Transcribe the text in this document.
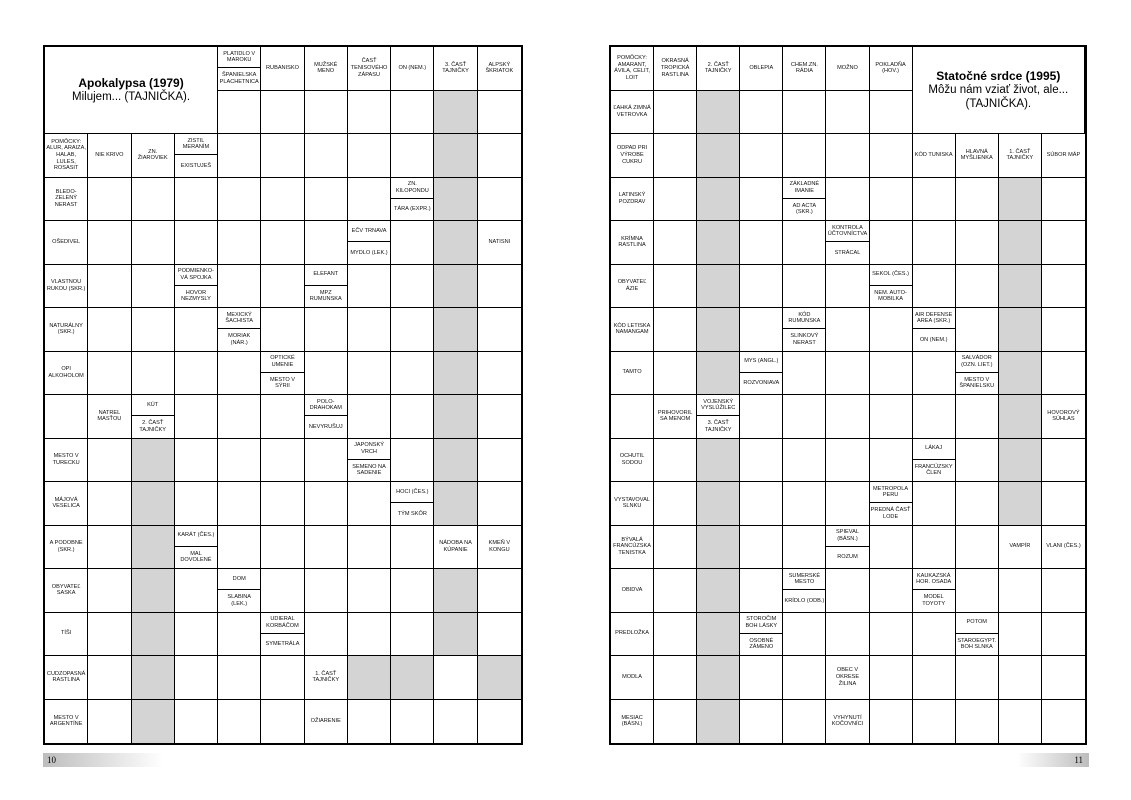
Apokalypsa (1979)
Milujem... (TAJNIČKA).
PLATIDLO V MAROKU
ŠPANIELSKA PLACHETNICA
RUBANISKO
MUŽSKÉ MENO
ČASŤ TENISOVÉHO ZÁPASU
ON (NEM.)
3. ČASŤ TAJNIČKY
ALPSKÝ ŠKRIATOK
POMÔCKY: ALUR, ARAIZA, HALAB, LULES, ROSASIT
NIE KRIVO
ZN. ŽIAROVIEK
ZISTIL MERANÍM
EXISTUJEŠ
BLEDO-ZELENÝ NERAST
ZN. KILOPONDU
TÁRA (EXPR.)
OŠEDIVEL
EČV TRNAVA
MYDLO (LEK.)
NATISNI
VLASTNOU RUKOU (SKR.)
PODMIENKO-VÁ SPOJKA
HOVOR NEZMYSLY
ELEFANT
MPZ RUMUNSKA
NATURÁLNY (SKR.)
MEXICKÝ ŠACHISTA
MORIAK (NÁR.)
OPI ALKOHOLOM
OPTICKÉ UMENIE
MESTO V SÝRII
NATREL MASŤOU
KÚT
2. ČASŤ TAJNIČKY
POLO-DRAHOKAM
NEVYRUŠUJ
MESTO V TURECKU
JAPONSKÝ VRCH
SEMENO NA SADENIE
MÁJOVÁ VESELICA
HOCI (ČES.)
TÝM SKÔR
A PODOBNE (SKR.)
KARÁT (ČES.)
MAL DOVOLENÉ
NÁDOBA NA KÚPANIE
KMEŇ V KONGU
OBYVATEĽ SASKA
DOM
SLABINA (LEK.)
TÍŠI
UDIERAL KORBÁČOM
SYMETRÁLA
CUDZOPASNÁ RASTLINA
1. ČASŤ TAJNIČKY
MESTO V ARGENTÍNE
OŽIARENIE
Statočné srdce (1995)
Môžu nám vziať život, ale... (TAJNIČKA).
POMÔCKY: AMARANT, ÁVILA, CELIT, LOIT
OKRASNÁ TROPICKÁ RASTLINA
2. ČASŤ TAJNIČKY
OBLEPIA
CHEM.ZN. RÁDIA
MOŽNO
POKLADŇA (HOV.)
ĽAHKÁ ZIMNÁ VETROVKA
ODPAD PRI VÝROBE CUKRU
KÓD TUNISKA
HLAVNÁ MYŠLIENKA
1. ČASŤ TAJNIČKY
SÚBOR MÁP
LATINSKÝ POZDRAV
ZÁKLADNÉ IMANIE
AD ACTA (SKR.)
KRÍMNA RASTLINA
KONTROLA ÚČTOVNÍCTVA
STRÁCAL
OBYVATEĽ ÁZIE
SEKOL (ČES.)
NEM. AUTO-MOBILKA
KÓD LETISKA NAMANGAM
KÓD RUMUNSKA
SLINKOVÝ NERAST
AIR DEFENSE AREA (SKR.)
ON (NEM.)
TAMTO
MYS (ANGL.)
ROZVONIAVA
SALVÁDOR (OZN. LIET.)
MESTO V ŠPANIELSKU
PRIHOVORIL SA MENOM
VOJENSKÝ VYSLÚŽILEC
3. ČASŤ TAJNIČKY
HOVOROVÝ SÚHLAS
OCHUTIL SODOU
LÁKAJ
FRANCÚZSKY ČLEN
VYSTAVOVAL SLNKU
METROPOLA PERU
PREDNÁ ČASŤ LODE
BÝVALÁ FRANCÚZSKA TENISTKA
SPIEVAL (BÁSN.)
ROZUM
VAMPÍR	VLANI (ČES.)
OBIDVA
SUMERSKÉ MESTO
KRÍDLO (ODB.)
KAUKAZSKÁ HOR. OSADA
MODEL TOYOTY
PREDLOŽKA
STOROČIM BOH LÁSKY
OSOBNÉ ZÁMENO
POTOM
STAROEGYPT. BOH SLNKA
MODLA
OBEC V OKRESE ŽILINA
MESIAC (BÁSN.)
VYHYNUTÍ KOČOVNÍCI
10	11
